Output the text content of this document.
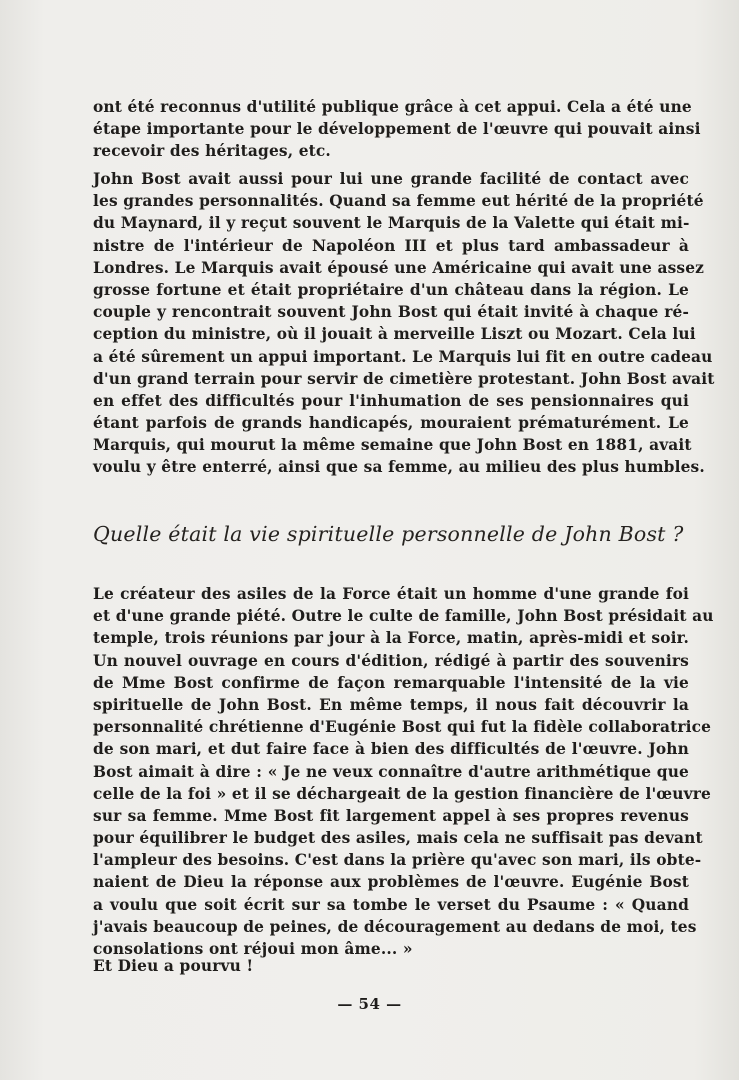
ont été reconnus d'utilité publique grâce à cet appui. Cela a été une
étape importante pour le développement de l'œuvre qui pouvait ainsi
recevoir des héritages, etc.
John Bost avait aussi pour lui une grande facilité de contact avec
les grandes personnalités. Quand sa femme eut hérité de la propriété
du Maynard, il y reçut souvent le Marquis de la Valette qui était mi-
nistre de l'intérieur de Napoléon III et plus tard ambassadeur à
Londres. Le Marquis avait épousé une Américaine qui avait une assez
grosse fortune et était propriétaire d'un château dans la région. Le
couple y rencontrait souvent John Bost qui était invité à chaque ré-
ception du ministre, où il jouait à merveille Liszt ou Mozart. Cela lui
a été sûrement un appui important. Le Marquis lui fit en outre cadeau
d'un grand terrain pour servir de cimetière protestant. John Bost avait
en effet des difficultés pour l'inhumation de ses pensionnaires qui
étant parfois de grands handicapés, mouraient prématurément. Le
Marquis, qui mourut la même semaine que John Bost en 1881, avait
voulu y être enterré, ainsi que sa femme, au milieu des plus humbles.
Quelle était la vie spirituelle personnelle de John Bost ?
Le créateur des asiles de la Force était un homme d'une grande foi
et d'une grande piété. Outre le culte de famille, John Bost présidait au
temple, trois réunions par jour à la Force, matin, après-midi et soir.
Un nouvel ouvrage en cours d'édition, rédigé à partir des souvenirs
de Mme Bost confirme de façon remarquable l'intensité de la vie
spirituelle de John Bost. En même temps, il nous fait découvrir la
personnalité chrétienne d'Eugénie Bost qui fut la fidèle collaboratrice
de son mari, et dut faire face à bien des difficultés de l'œuvre. John
Bost aimait à dire : « Je ne veux connaître d'autre arithmétique que
celle de la foi » et il se déchargeait de la gestion financière de l'œuvre
sur sa femme. Mme Bost fit largement appel à ses propres revenus
pour équilibrer le budget des asiles, mais cela ne suffisait pas devant
l'ampleur des besoins. C'est dans la prière qu'avec son mari, ils obte-
naient de Dieu la réponse aux problèmes de l'œuvre. Eugénie Bost
a voulu que soit écrit sur sa tombe le verset du Psaume : « Quand
j'avais beaucoup de peines, de découragement au dedans de moi, tes
consolations ont réjoui mon âme... »
Et Dieu a pourvu !
— 54 —
